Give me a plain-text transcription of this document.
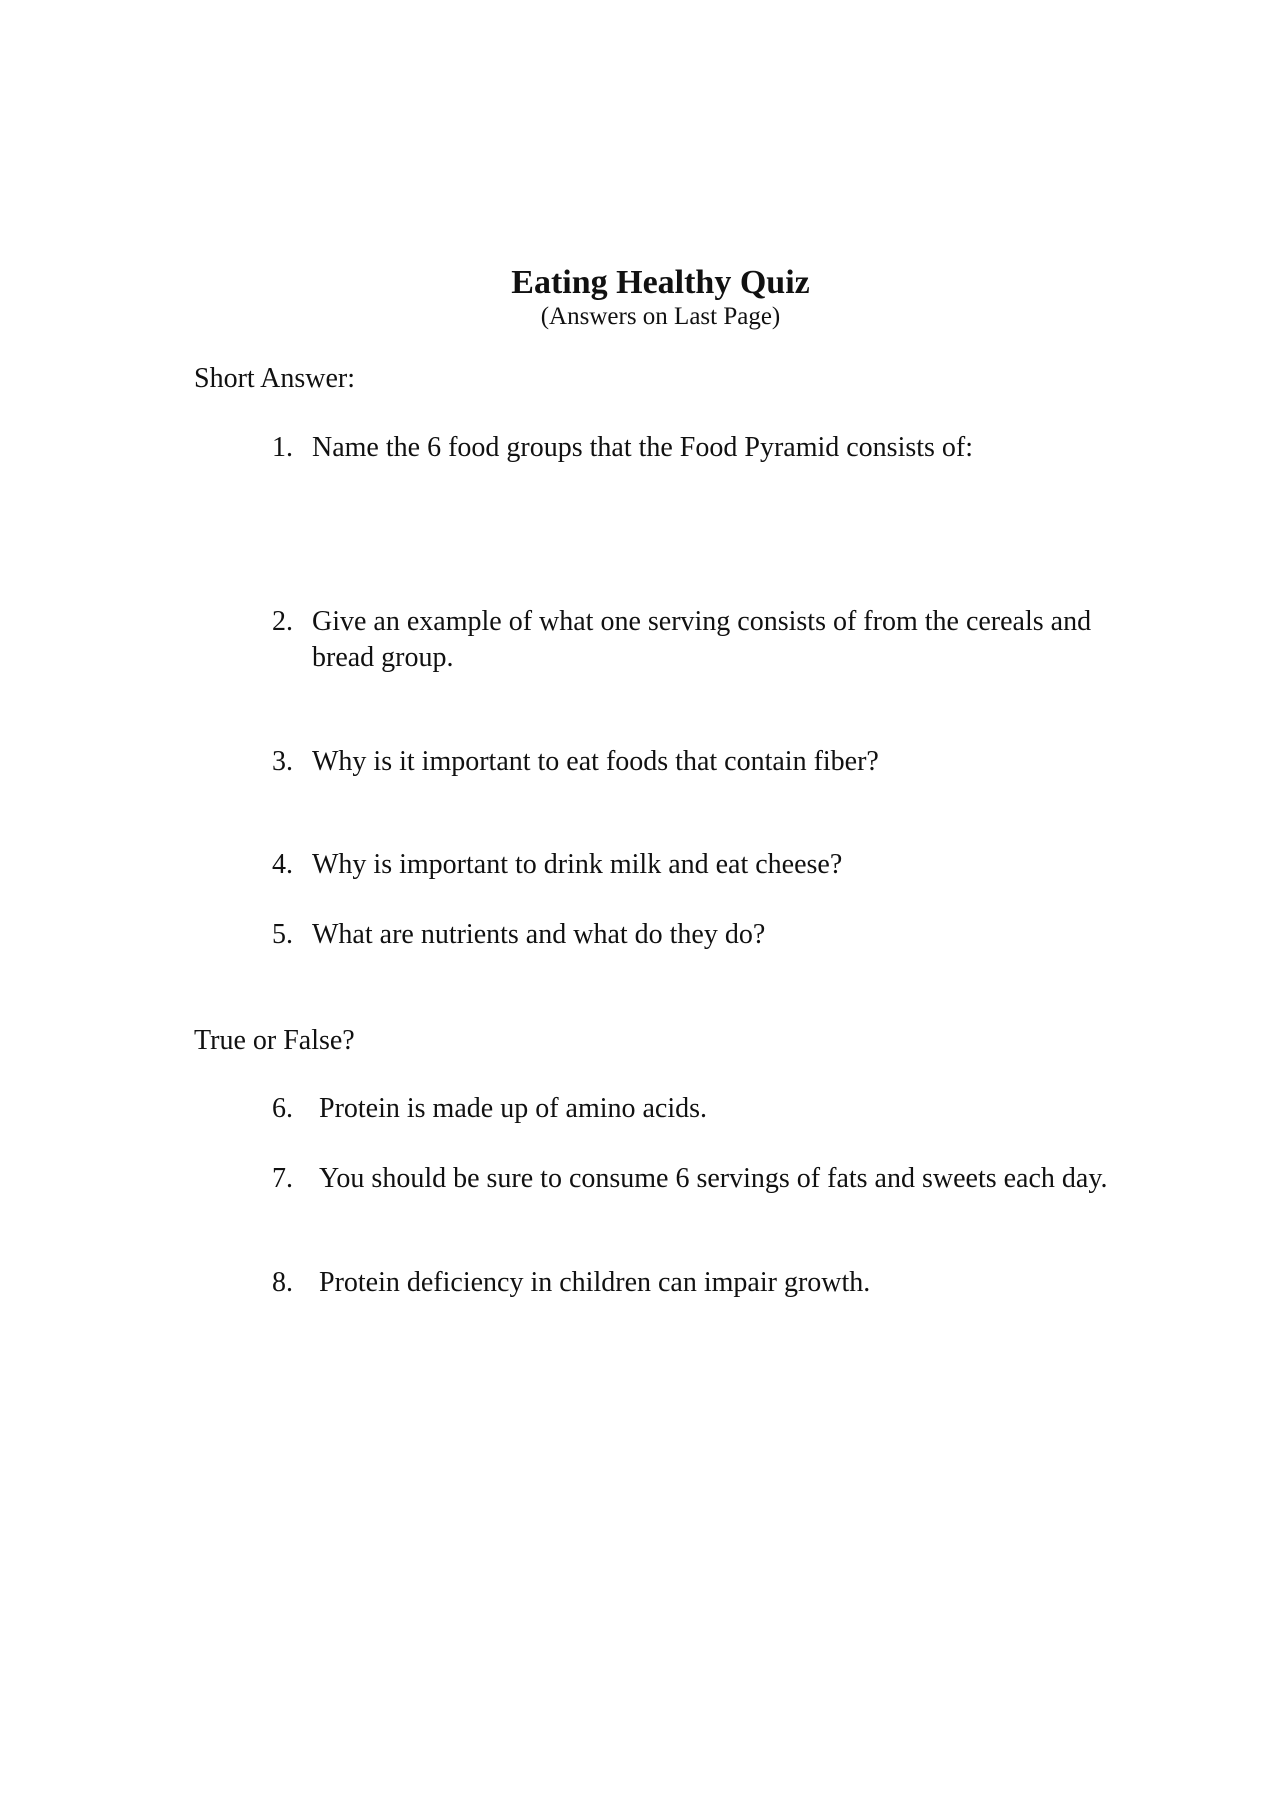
Eating Healthy Quiz

(Answers on Last Page)

Short Answer:

1. Name the 6 food groups that the Food Pyramid consists of:
2. Give an example of what one serving consists of from the cereals and bread group.
3. Why is it important to eat foods that contain fiber?
4. Why is important to drink milk and eat cheese?
5. What are nutrients and what do they do?

True or False?

6. Protein is made up of amino acids.
7. You should be sure to consume 6 servings of fats and sweets each day.
8. Protein deficiency in children can impair growth.
